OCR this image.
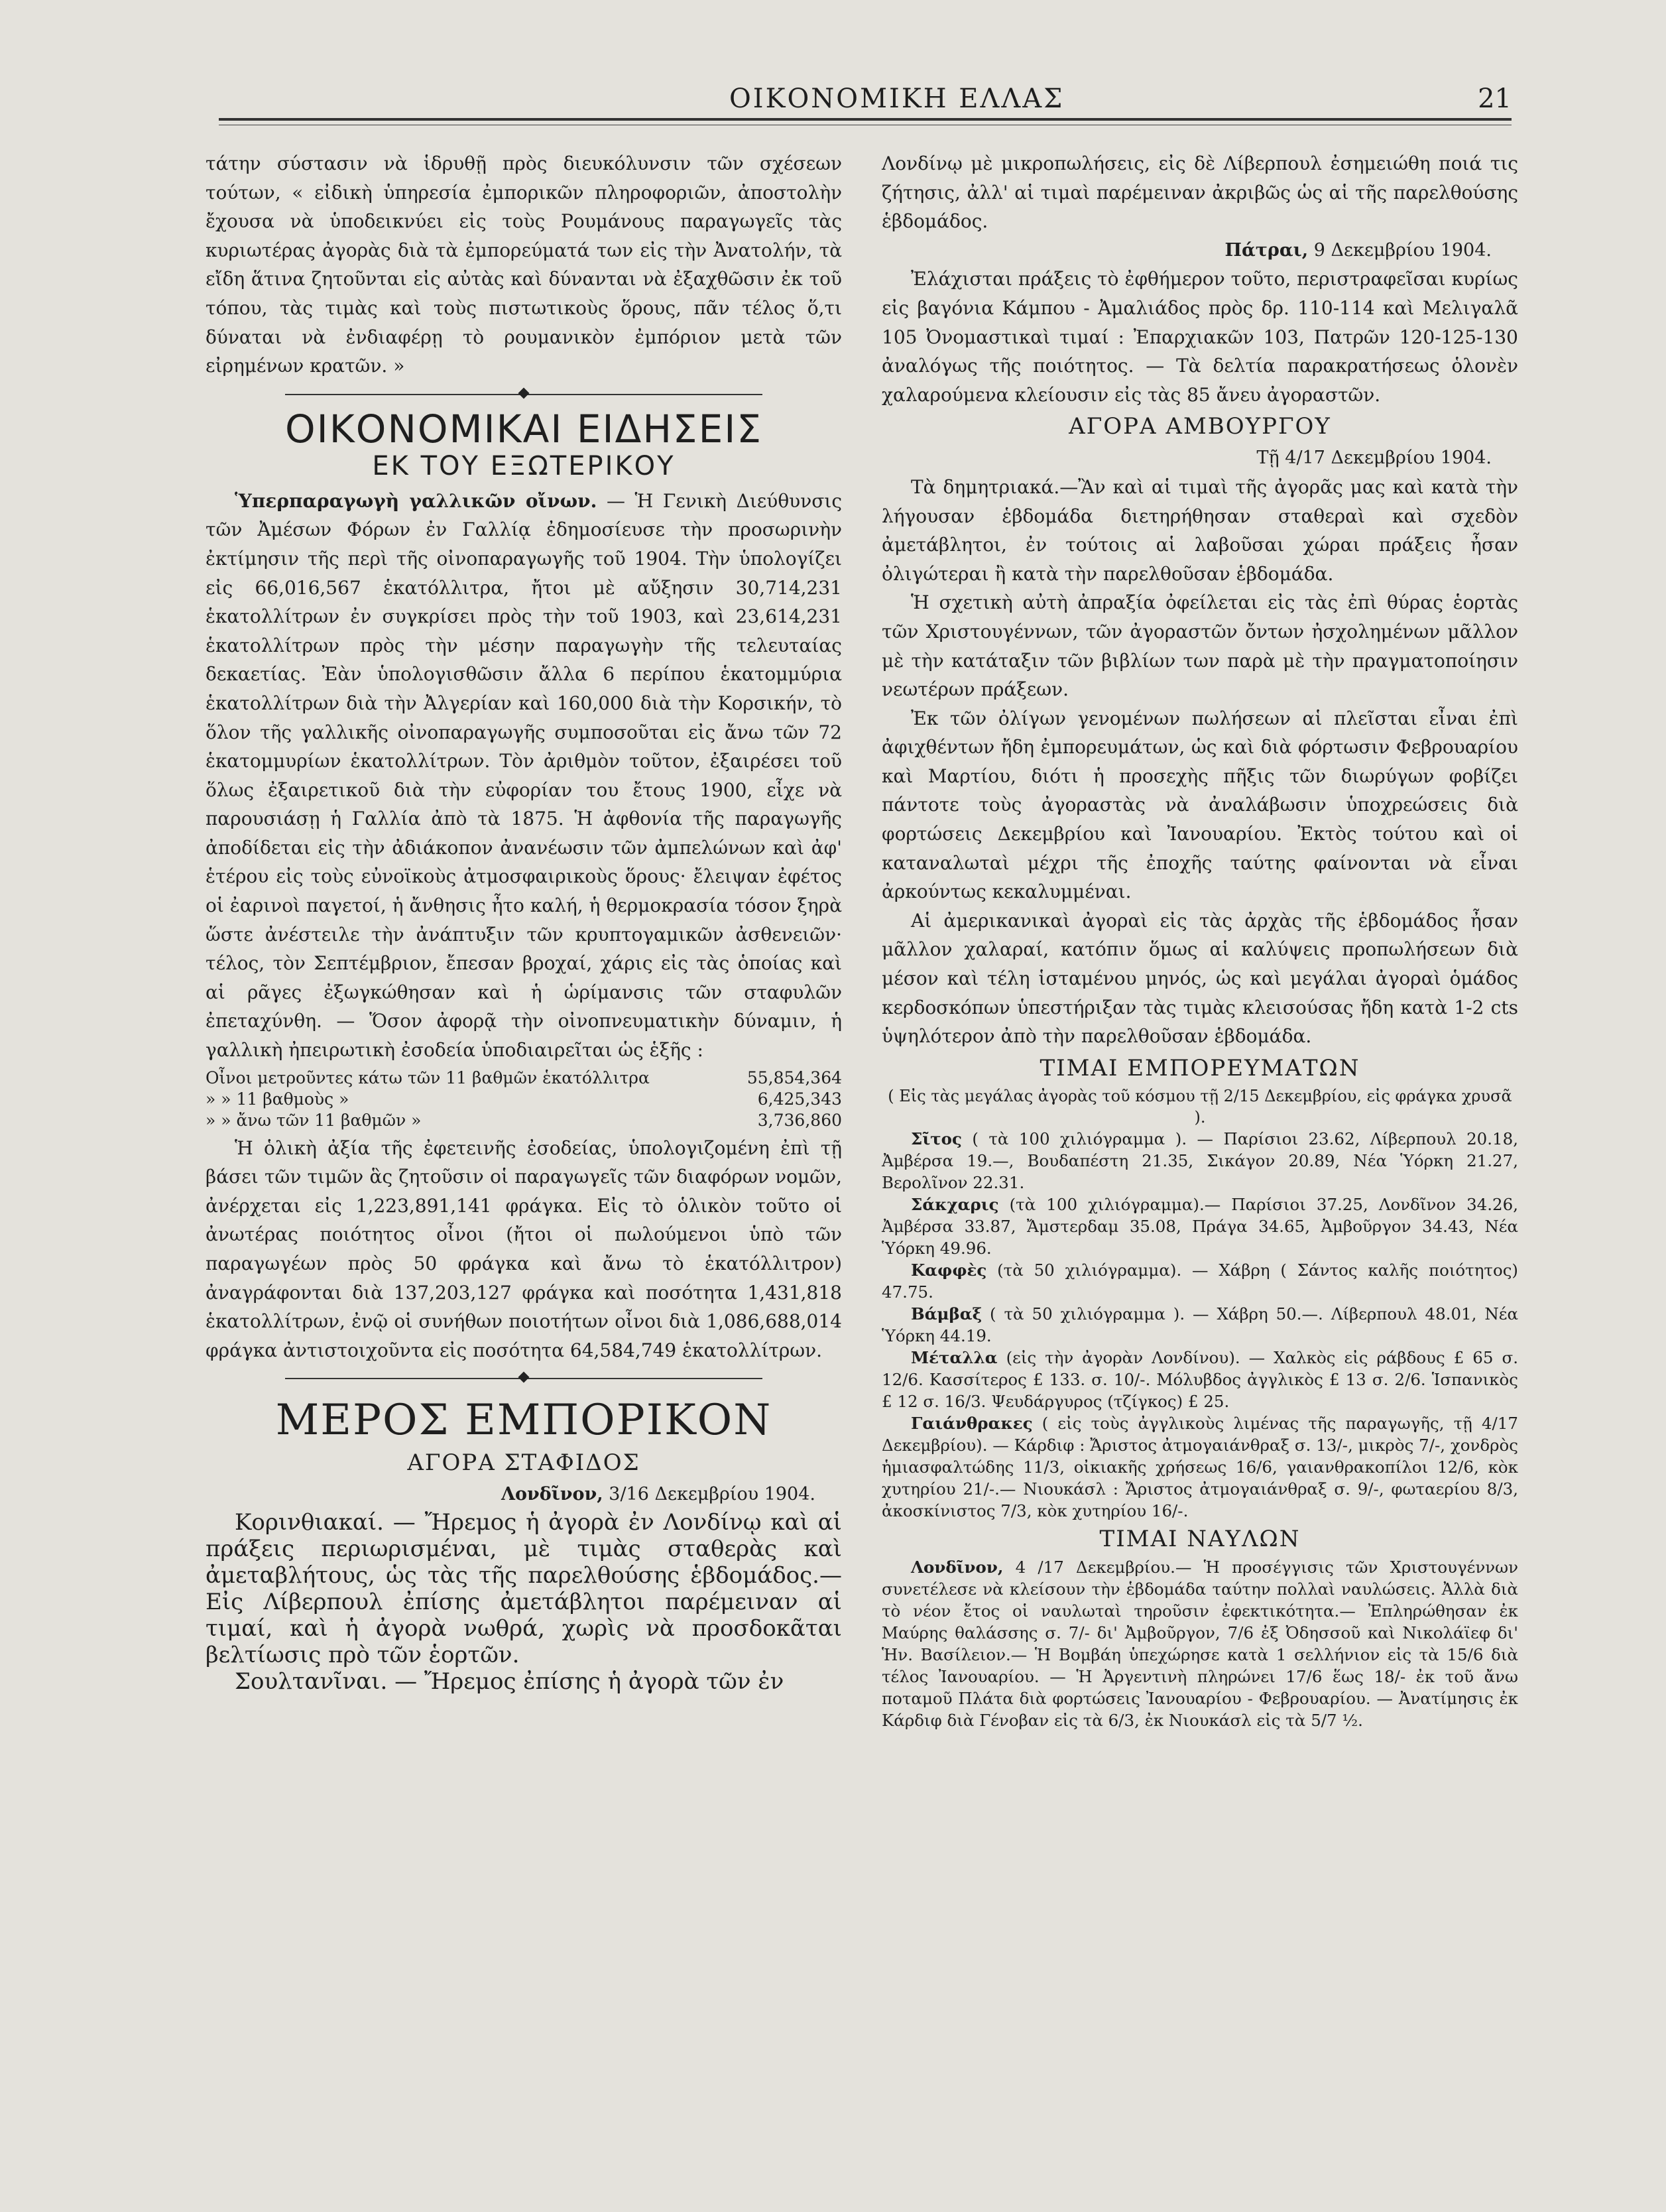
ΟΙΚΟΝΟΜΙΚΗ ΕΛΛΑΣ	21

τάτην σύστασιν νὰ ἱδρυθῇ πρὸς διευκόλυνσιν τῶν σχέσεων τούτων, « εἰδικὴ ὑπηρεσία ἐμπορικῶν πληροφοριῶν, ἀποστολὴν ἔχουσα νὰ ὑποδεικνύει εἰς τοὺς Ρουμάνους παραγωγεῖς τὰς κυριωτέρας ἀγορὰς διὰ τὰ ἐμπορεύματά των εἰς τὴν Ἀνατολήν, τὰ εἴδη ἅτινα ζητοῦνται εἰς αὐτὰς καὶ δύνανται νὰ ἐξαχθῶσιν ἐκ τοῦ τόπου, τὰς τιμὰς καὶ τοὺς πιστωτικοὺς ὅρους, πᾶν τέλος ὅ,τι δύναται νὰ ἐνδιαφέρῃ τὸ ρουμανικὸν ἐμπόριον μετὰ τῶν εἰρημένων κρατῶν. »

ΟΙΚΟΝΟΜΙΚΑΙ ΕΙΔΗΣΕΙΣ
ΕΚ ΤΟΥ ΕΞΩΤΕΡΙΚΟΥ

Ὑπερπαραγωγὴ γαλλικῶν οἴνων. — Ἡ Γενικὴ Διεύθυνσις τῶν Ἀμέσων Φόρων ἐν Γαλλίᾳ ἐδημοσίευσε τὴν προσωρινὴν ἐκτίμησιν τῆς περὶ τῆς οἰνοπαραγωγῆς τοῦ 1904. Τὴν ὑπολογίζει εἰς 66,016,567 ἑκατόλλιτρα, ἤτοι μὲ αὔξησιν 30,714,231 ἑκατολλίτρων ἐν συγκρίσει πρὸς τὴν τοῦ 1903, καὶ 23,614,231 ἑκατολλίτρων πρὸς τὴν μέσην παραγωγὴν τῆς τελευταίας δεκαετίας. Ἐὰν ὑπολογισθῶσιν ἄλλα 6 περίπου ἑκατομμύρια ἑκατολλίτρων διὰ τὴν Ἀλγερίαν καὶ 160,000 διὰ τὴν Κορσικήν, τὸ ὅλον τῆς γαλλικῆς οἰνοπαραγωγῆς συμποσοῦται εἰς ἄνω τῶν 72 ἑκατομμυρίων ἑκατολλίτρων. Τὸν ἀριθμὸν τοῦτον, ἐξαιρέσει τοῦ ὅλως ἐξαιρετικοῦ διὰ τὴν εὐφορίαν του ἔτους 1900, εἶχε νὰ παρουσιάσῃ ἡ Γαλλία ἀπὸ τὰ 1875. Ἡ ἀφθονία τῆς παραγωγῆς ἀποδίδεται εἰς τὴν ἀδιάκοπον ἀνανέωσιν τῶν ἀμπελώνων καὶ ἀφ' ἑτέρου εἰς τοὺς εὐνοϊκοὺς ἀτμοσφαιρικοὺς ὅρους· ἔλειψαν ἐφέτος οἱ ἐαρινοὶ παγετοί, ἡ ἄνθησις ἦτο καλή, ἡ θερμοκρασία τόσον ξηρὰ ὥστε ἀνέστειλε τὴν ἀνάπτυξιν τῶν κρυπτογαμικῶν ἀσθενειῶν· τέλος, τὸν Σεπτέμβριον, ἔπεσαν βροχαί, χάρις εἰς τὰς ὁποίας καὶ αἱ ρᾶγες ἐξωγκώθησαν καὶ ἡ ὡρίμανσις τῶν σταφυλῶν ἐπεταχύνθη. — Ὅσον ἀφορᾷ τὴν οἰνοπνευματικὴν δύναμιν, ἡ γαλλικὴ ἠπειρωτικὴ ἐσοδεία ὑποδιαιρεῖται ὡς ἑξῆς :

Οἶνοι μετροῦντες κάτω τῶν 11 βαθμῶν ἑκατόλλιτρα	55,854,364
» » 11 βαθμοὺς »	6,425,343
» » ἄνω τῶν 11 βαθμῶν »	3,736,860

Ἡ ὁλικὴ ἀξία τῆς ἐφετεινῆς ἐσοδείας, ὑπολογιζομένη ἐπὶ τῇ βάσει τῶν τιμῶν ἃς ζητοῦσιν οἱ παραγωγεῖς τῶν διαφόρων νομῶν, ἀνέρχεται εἰς 1,223,891,141 φράγκα. Εἰς τὸ ὁλικὸν τοῦτο οἱ ἀνωτέρας ποιότητος οἶνοι (ἤτοι οἱ πωλούμενοι ὑπὸ τῶν παραγωγέων πρὸς 50 φράγκα καὶ ἄνω τὸ ἑκατόλλιτρον) ἀναγράφονται διὰ 137,203,127 φράγκα καὶ ποσότητα 1,431,818 ἑκατολλίτρων, ἐνῷ οἱ συνήθων ποιοτήτων οἶνοι διὰ 1,086,688,014 φράγκα ἀντιστοιχοῦντα εἰς ποσότητα 64,584,749 ἑκατολλίτρων.

ΜΕΡΟΣ ΕΜΠΟΡΙΚΟΝ
ΑΓΟΡΑ ΣΤΑΦΙΔΟΣ

Λονδῖνον, 3/16 Δεκεμβρίου 1904.

Κορινθιακαί. — Ἤρεμος ἡ ἀγορὰ ἐν Λονδίνῳ καὶ αἱ πράξεις περιωρισμέναι, μὲ τιμὰς σταθερὰς καὶ ἀμεταβλήτους, ὡς τὰς τῆς παρελθούσης ἑβδομάδος.— Εἰς Λίβερπουλ ἐπίσης ἀμετάβλητοι παρέμειναν αἱ τιμαί, καὶ ἡ ἀγορὰ νωθρά, χωρὶς νὰ προσδοκᾶται βελτίωσις πρὸ τῶν ἑορτῶν.

Σουλτανῖναι. — Ἤρεμος ἐπίσης ἡ ἀγορὰ τῶν ἐν

Λονδίνῳ μὲ μικροπωλήσεις, εἰς δὲ Λίβερπουλ ἐσημειώθη ποιά τις ζήτησις, ἀλλ' αἱ τιμαὶ παρέμειναν ἀκριβῶς ὡς αἱ τῆς παρελθούσης ἑβδομάδος.

Πάτραι, 9 Δεκεμβρίου 1904.

Ἐλάχισται πράξεις τὸ ἐφθήμερον τοῦτο, περιστραφεῖσαι κυρίως εἰς βαγόνια Κάμπου - Ἀμαλιάδος πρὸς δρ. 110-114 καὶ Μελιγαλᾶ 105 Ὀνομαστικαὶ τιμαί : Ἐπαρχιακῶν 103, Πατρῶν 120-125-130 ἀναλόγως τῆς ποιότητος. — Τὰ δελτία παρακρατήσεως ὁλονὲν χαλαρούμενα κλείουσιν εἰς τὰς 85 ἄνευ ἀγοραστῶν.

ΑΓΟΡΑ ΑΜΒΟΥΡΓΟΥ

Τῇ 4/17 Δεκεμβρίου 1904.

Τὰ δημητριακά.—Ἂν καὶ αἱ τιμαὶ τῆς ἀγορᾶς μας καὶ κατὰ τὴν λήγουσαν ἑβδομάδα διετηρήθησαν σταθεραὶ καὶ σχεδὸν ἀμετάβλητοι, ἐν τούτοις αἱ λαβοῦσαι χώραι πράξεις ἦσαν ὀλιγώτεραι ἢ κατὰ τὴν παρελθοῦσαν ἑβδομάδα.

Ἡ σχετικὴ αὐτὴ ἀπραξία ὀφείλεται εἰς τὰς ἐπὶ θύρας ἑορτὰς τῶν Χριστουγέννων, τῶν ἀγοραστῶν ὄντων ἠσχολημένων μᾶλλον μὲ τὴν κατάταξιν τῶν βιβλίων των παρὰ μὲ τὴν πραγματοποίησιν νεωτέρων πράξεων.

Ἐκ τῶν ὀλίγων γενομένων πωλήσεων αἱ πλεῖσται εἶναι ἐπὶ ἀφιχθέντων ἤδη ἐμπορευμάτων, ὡς καὶ διὰ φόρτωσιν Φεβρουαρίου καὶ Μαρτίου, διότι ἡ προσεχὴς πῆξις τῶν διωρύγων φοβίζει πάντοτε τοὺς ἀγοραστὰς νὰ ἀναλάβωσιν ὑποχρεώσεις διὰ φορτώσεις Δεκεμβρίου καὶ Ἰανουαρίου. Ἐκτὸς τούτου καὶ οἱ καταναλωταὶ μέχρι τῆς ἐποχῆς ταύτης φαίνονται νὰ εἶναι ἀρκούντως κεκαλυμμέναι.

Αἱ ἀμερικανικαὶ ἀγοραὶ εἰς τὰς ἀρχὰς τῆς ἑβδομάδος ἦσαν μᾶλλον χαλαραί, κατόπιν ὅμως αἱ καλύψεις προπωλήσεων διὰ μέσον καὶ τέλη ἱσταμένου μηνός, ὡς καὶ μεγάλαι ἀγοραὶ ὁμάδος κερδοσκόπων ὑπεστήριξαν τὰς τιμὰς κλεισούσας ἤδη κατὰ 1-2 cts ὑψηλότερον ἀπὸ τὴν παρελθοῦσαν ἑβδομάδα.

ΤΙΜΑΙ ΕΜΠΟΡΕΥΜΑΤΩΝ

( Εἰς τὰς μεγάλας ἀγορὰς τοῦ κόσμου τῇ 2/15 Δεκεμβρίου, εἰς φράγκα χρυσᾶ ).

Σῖτος ( τὰ 100 χιλιόγραμμα ). — Παρίσιοι 23.62, Λίβερπουλ 20.18, Ἀμβέρσα 19.—, Βουδαπέστη 21.35, Σικάγον 20.89, Νέα Ὑόρκη 21.27, Βερολῖνον 22.31.

Σάκχαρις (τὰ 100 χιλιόγραμμα).— Παρίσιοι 37.25, Λονδῖνον 34.26, Ἀμβέρσα 33.87, Ἄμστερδαμ 35.08, Πράγα 34.65, Ἀμβοῦργον 34.43, Νέα Ὑόρκη 49.96.

Καφφὲς (τὰ 50 χιλιόγραμμα). — Χάβρη ( Σάντος καλῆς ποιότητος) 47.75.

Βάμβαξ ( τὰ 50 χιλιόγραμμα ). — Χάβρη 50.—. Λίβερπουλ 48.01, Νέα Ὑόρκη 44.19.

Μέταλλα (εἰς τὴν ἀγορὰν Λονδίνου). — Χαλκὸς εἰς ράβδους £ 65 σ. 12/6. Κασσίτερος £ 133. σ. 10/-. Μόλυβδος ἀγγλικὸς £ 13 σ. 2/6. Ἱσπανικὸς £ 12 σ. 16/3. Ψευδάργυρος (τζίγκος) £ 25.

Γαιάνθρακες ( εἰς τοὺς ἀγγλικοὺς λιμένας τῆς παραγωγῆς, τῇ 4/17 Δεκεμβρίου). — Κάρδιφ : Ἄριστος ἀτμογαιάνθραξ σ. 13/-, μικρὸς 7/-, χονδρὸς ἡμιασφαλτώδης 11/3, οἰκιακῆς χρήσεως 16/6, γαιανθρακοπίλοι 12/6, κὸκ χυτηρίου 21/-.— Νιουκάσλ : Ἄριστος ἀτμογαιάνθραξ σ. 9/-, φωταερίου 8/3, ἀκοσκίνιστος 7/3, κὸκ χυτηρίου 16/-.

ΤΙΜΑΙ ΝΑΥΛΩΝ

Λονδῖνον, 4 /17 Δεκεμβρίου.— Ἡ προσέγγισις τῶν Χριστουγέννων συνετέλεσε νὰ κλείσουν τὴν ἑβδομάδα ταύτην πολλαὶ ναυλώσεις. Ἀλλὰ διὰ τὸ νέον ἔτος οἱ ναυλωταὶ τηροῦσιν ἐφεκτικότητα.— Ἐπληρώθησαν ἐκ Μαύρης θαλάσσης σ. 7/- δι' Ἀμβοῦργον, 7/6 ἐξ Ὀδησσοῦ καὶ Νικολάϊεφ δι' Ἡν. Βασίλειον.— Ἡ Βομβάη ὑπεχώρησε κατὰ 1 σελλήνιον εἰς τὰ 15/6 διὰ τέλος Ἰανουαρίου. — Ἡ Ἀργεντινὴ πληρώνει 17/6 ἕως 18/- ἐκ τοῦ ἄνω ποταμοῦ Πλάτα διὰ φορτώσεις Ἰανουαρίου - Φεβρουαρίου. — Ἀνατίμησις ἐκ Κάρδιφ διὰ Γένοβαν εἰς τὰ 6/3, ἐκ Νιουκάσλ εἰς τὰ 5/7 ½.
